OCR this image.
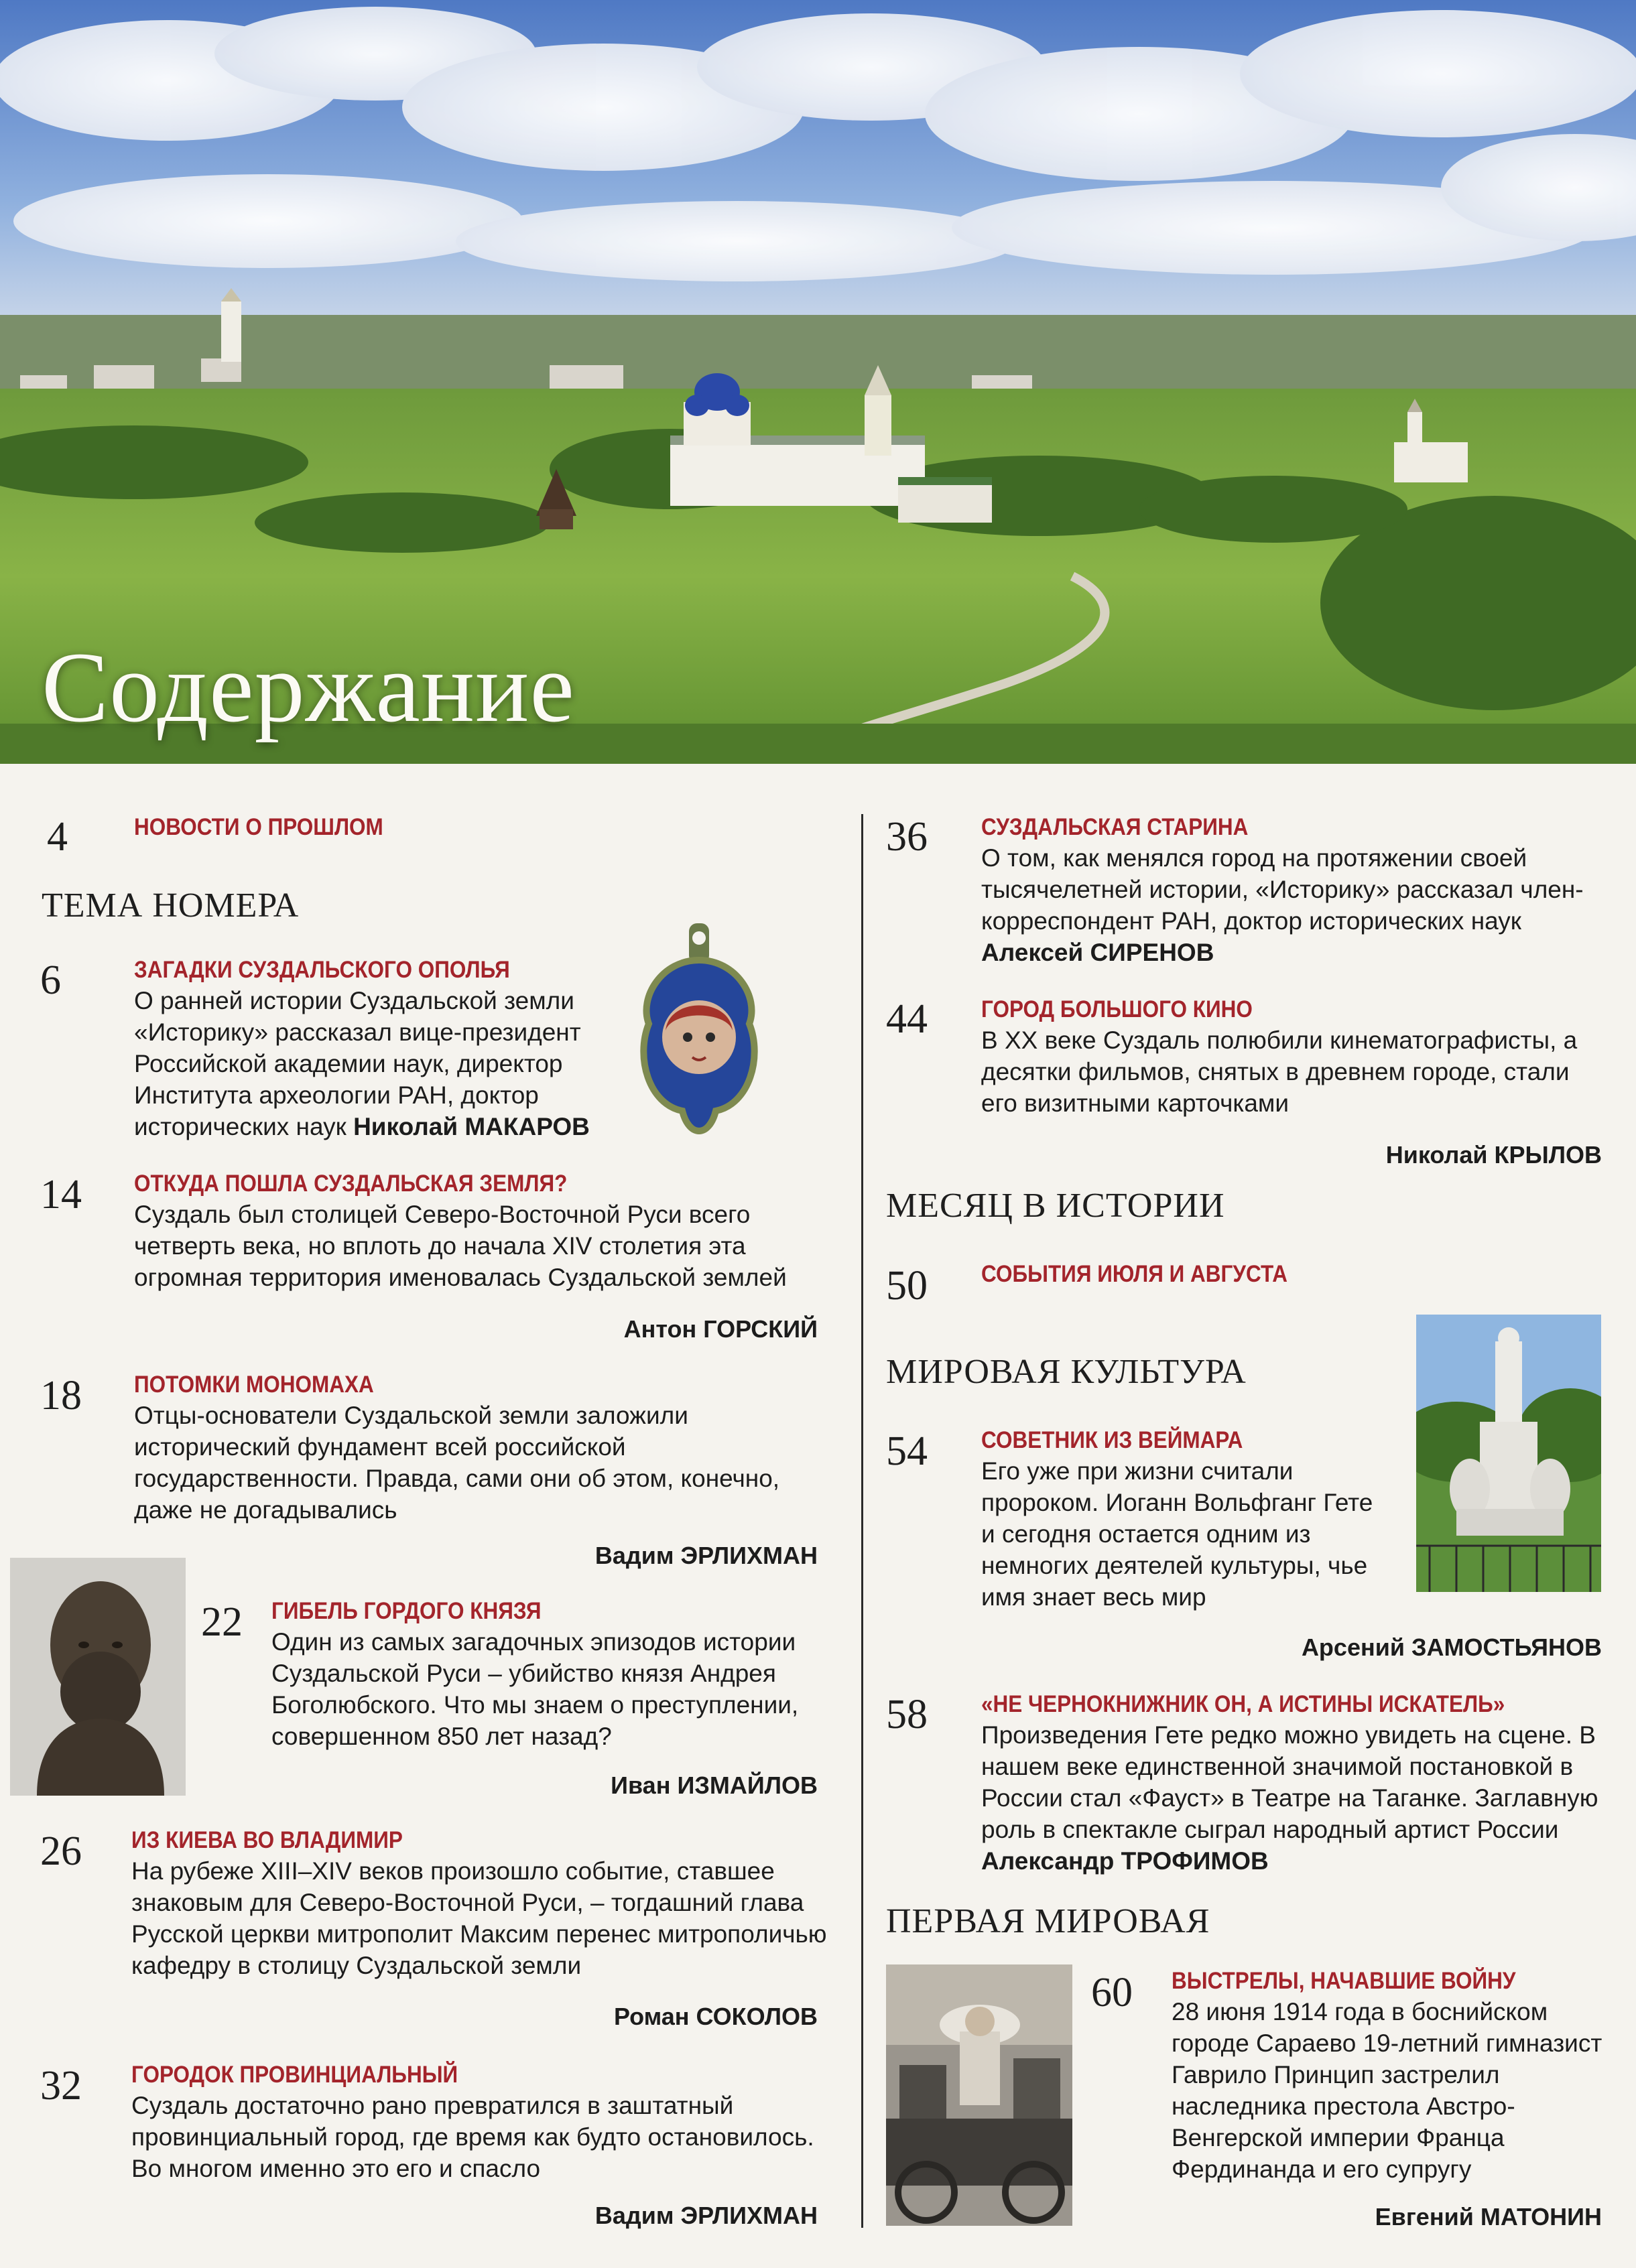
Содержание
4	НОВОСТИ О ПРОШЛОМ
ТЕМА НОМЕРА
6	ЗАГАДКИ СУЗДАЛЬСКОГО ОПОЛЬЯ
О ранней истории Суздальской земли «Историку» рассказал вице-президент Российской академии наук, директор Института археологии РАН, доктор исторических наук Николай МАКАРОВ
14 ОТКУДА ПОШЛА СУЗДАЛЬСКАЯ ЗЕМЛЯ?
Суздаль был столицей Северо-Восточной Руси всего четверть века, но вплоть до начала XIV столетия эта огромная территория именовалась Суздальской землей
Антон ГОРСКИЙ
18 ПОТОМКИ МОНОМАХА
Отцы-основатели Суздальской земли заложили исторический фундамент всей российской государственности. Правда, сами они об этом, конечно, даже не догадывались
Вадим ЭРЛИХМАН
22 ГИБЕЛЬ ГОРДОГО КНЯЗЯ
Один из самых загадочных эпизодов истории Суздальской Руси – убийство князя Андрея Боголюбского. Что мы знаем о преступлении, совершенном 850 лет назад?
Иван ИЗМАЙЛОВ
26 ИЗ КИЕВА ВО ВЛАДИМИР
На рубеже XIII–XIV веков произошло событие, ставшее знаковым для Северо-Восточной Руси, – тогдашний глава Русской церкви митрополит Максим перенес митрополичью кафедру в столицу Суздальской земли
Роман СОКОЛОВ
32 ГОРОДОК ПРОВИНЦИАЛЬНЫЙ
Суздаль достаточно рано превратился в заштатный провинциальный город, где время как будто остановилось. Во многом именно это его и спасло
Вадим ЭРЛИХМАН
36 СУЗДАЛЬСКАЯ СТАРИНА
О том, как менялся город на протяжении своей тысячелетней истории, «Историку» рассказал член-корреспондент РАН, доктор исторических наук
Алексей СИРЕНОВ
44 ГОРОД БОЛЬШОГО КИНО
В XX веке Суздаль полюбили кинематографисты, а десятки фильмов, снятых в древнем городе, стали его визитными карточками
Николай КРЫЛОВ
МЕСЯЦ В ИСТОРИИ
50 СОБЫТИЯ ИЮЛЯ И АВГУСТА
МИРОВАЯ КУЛЬТУРА
54 СОВЕТНИК ИЗ ВЕЙМАРА
Его уже при жизни считали пророком. Иоганн Вольфганг Гете и сегодня остается одним из немногих деятелей культуры, чье имя знает весь мир
Арсений ЗАМОСТЬЯНОВ
58 «НЕ ЧЕРНОКНИЖНИК ОН, А ИСТИНЫ ИСКАТЕЛЬ»
Произведения Гете редко можно увидеть на сцене. В нашем веке единственной значимой постановкой в России стал «Фауст» в Театре на Таганке. Заглавную роль в спектакле сыграл народный артист России Александр ТРОФИМОВ
ПЕРВАЯ МИРОВАЯ
60 ВЫСТРЕЛЫ, НАЧАВШИЕ ВОЙНУ
28 июня 1914 года в боснийском городе Сараево 19-летний гимназист Гаврило Принцип застрелил наследника престола Австро-Венгерской империи Франца Фердинанда и его супругу
Евгений МАТОНИН
